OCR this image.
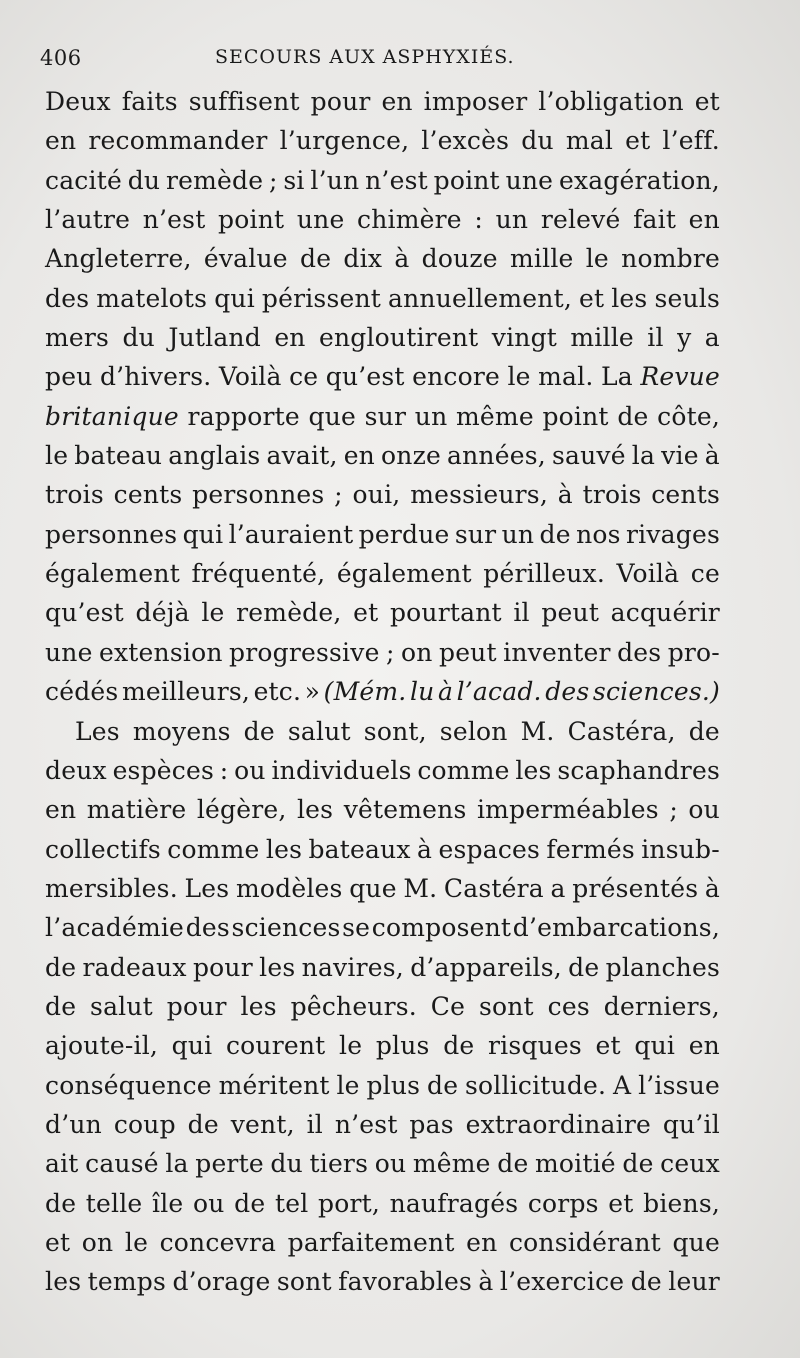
406	SECOURS AUX ASPHYXIÉS.
Deux faits suffisent pour en imposer l’obligation et
en recommander l’urgence, l’excès du mal et l’eff.
cacité du remède ; si l’un n’est point une exagération,
l’autre n’est point une chimère : un relevé fait en
Angleterre, évalue de dix à douze mille le nombre
des matelots qui périssent annuellement, et les seuls
mers du Jutland en engloutirent vingt mille il y a
peu d’hivers. Voilà ce qu’est encore le mal. La Revue
britanique rapporte que sur un même point de côte,
le bateau anglais avait, en onze années, sauvé la vie à
trois cents personnes ; oui, messieurs, à trois cents
personnes qui l’auraient perdue sur un de nos rivages
également fréquenté, également périlleux. Voilà ce
qu’est déjà le remède, et pourtant il peut acquérir
une extension progressive ; on peut inventer des pro-
cédés meilleurs, etc. » (Mém. lu à l’acad. des sciences.)
Les moyens de salut sont, selon M. Castéra, de
deux espèces : ou individuels comme les scaphandres
en matière légère, les vêtemens imperméables ; ou
collectifs comme les bateaux à espaces fermés insub-
mersibles. Les modèles que M. Castéra a présentés à
l’académie des sciences se composent d’embarcations,
de radeaux pour les navires, d’appareils, de planches
de salut pour les pêcheurs. Ce sont ces derniers,
ajoute-il, qui courent le plus de risques et qui en
conséquence méritent le plus de sollicitude. A l’issue
d’un coup de vent, il n’est pas extraordinaire qu’il
ait causé la perte du tiers ou même de moitié de ceux
de telle île ou de tel port, naufragés corps et biens,
et on le concevra parfaitement en considérant que
les temps d’orage sont favorables à l’exercice de leur
